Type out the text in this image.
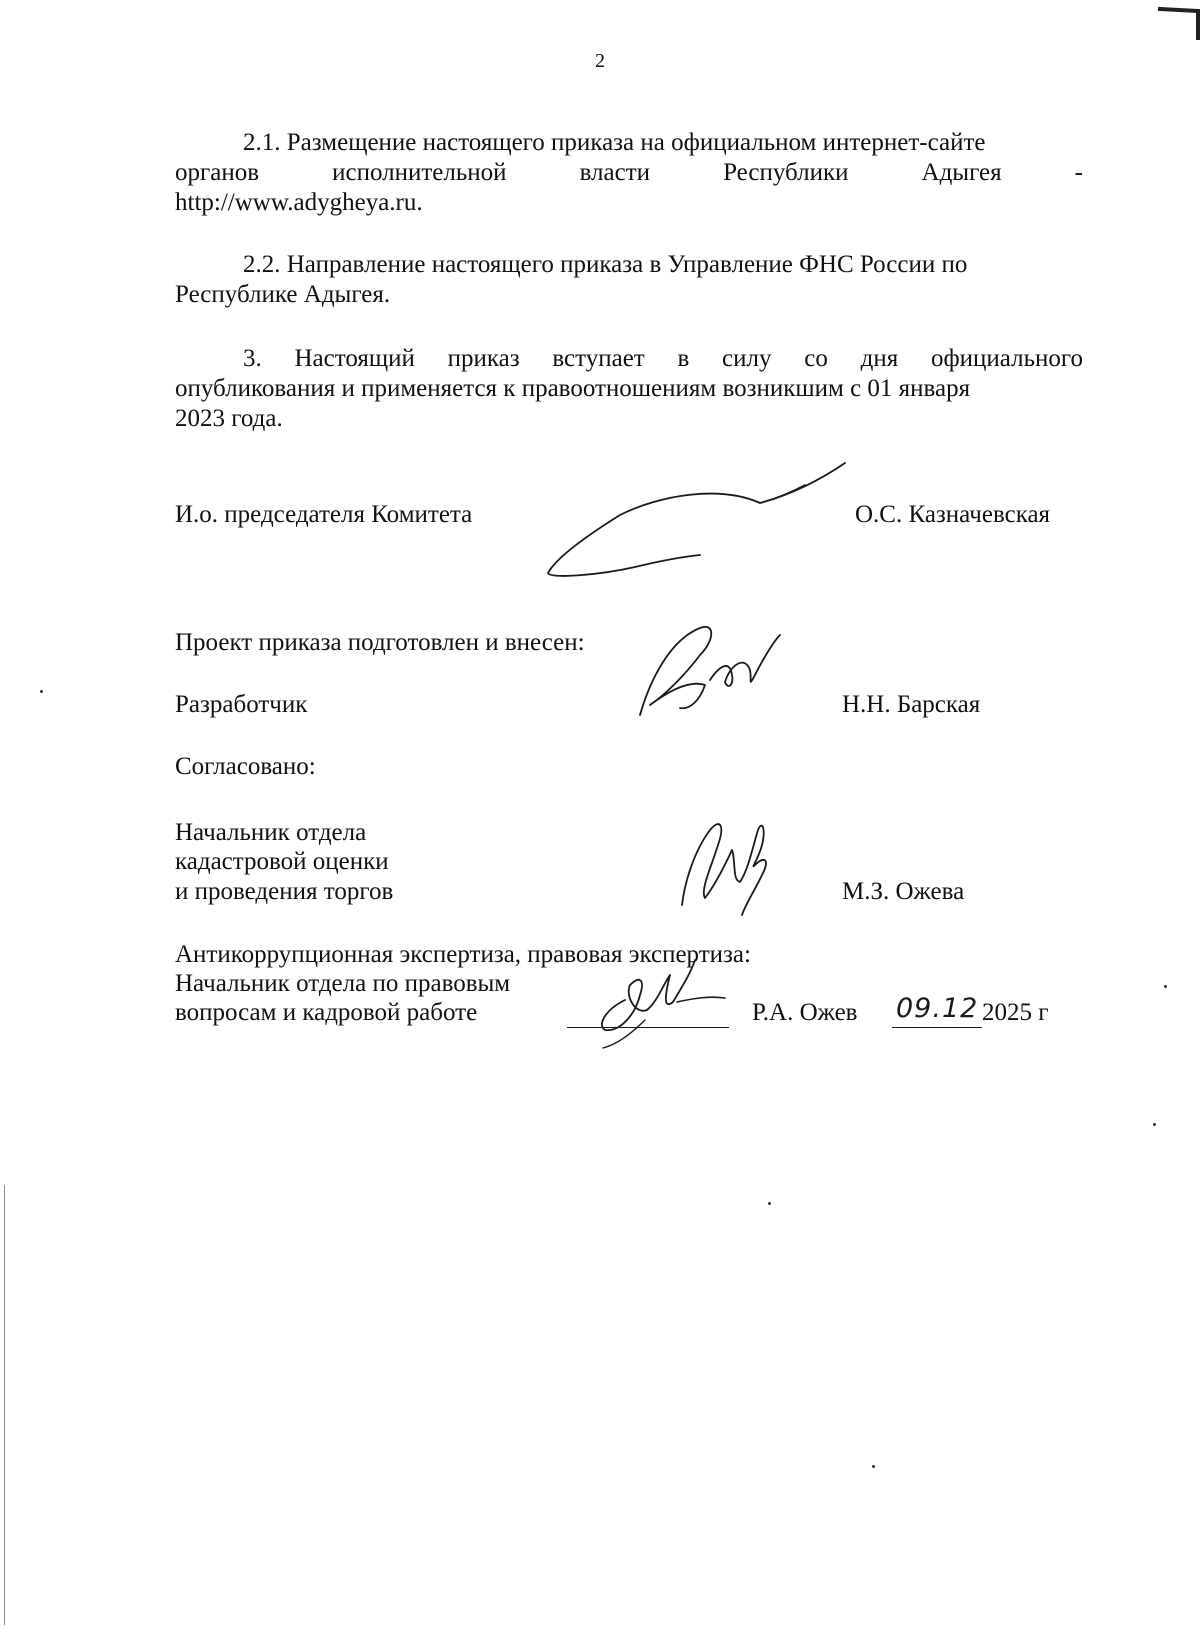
2
2.1. Размещение настоящего приказа на официальном интернет-сайте
органов	исполнительной	власти	Республики	Адыгея	-
http://www.adygheya.ru.
2.2. Направление настоящего приказа в Управление ФНС России по
Республике Адыгея.
3. Настоящий приказ вступает в силу со дня официального
опубликования и применяется к правоотношениям возникшим с 01 января
2023 года.
И.о. председателя Комитета	О.С. Казначевская
Проект приказа подготовлен и внесен:
Разработчик	Н.Н. Барская
Согласовано:
Начальник отдела
кадастровой оценки
и проведения торгов	М.З. Ожева
Антикоррупционная экспертиза, правовая экспертиза:
Начальник отдела по правовым
вопросам и кадровой работе	Р.А. Ожев 09.12 2025 г
